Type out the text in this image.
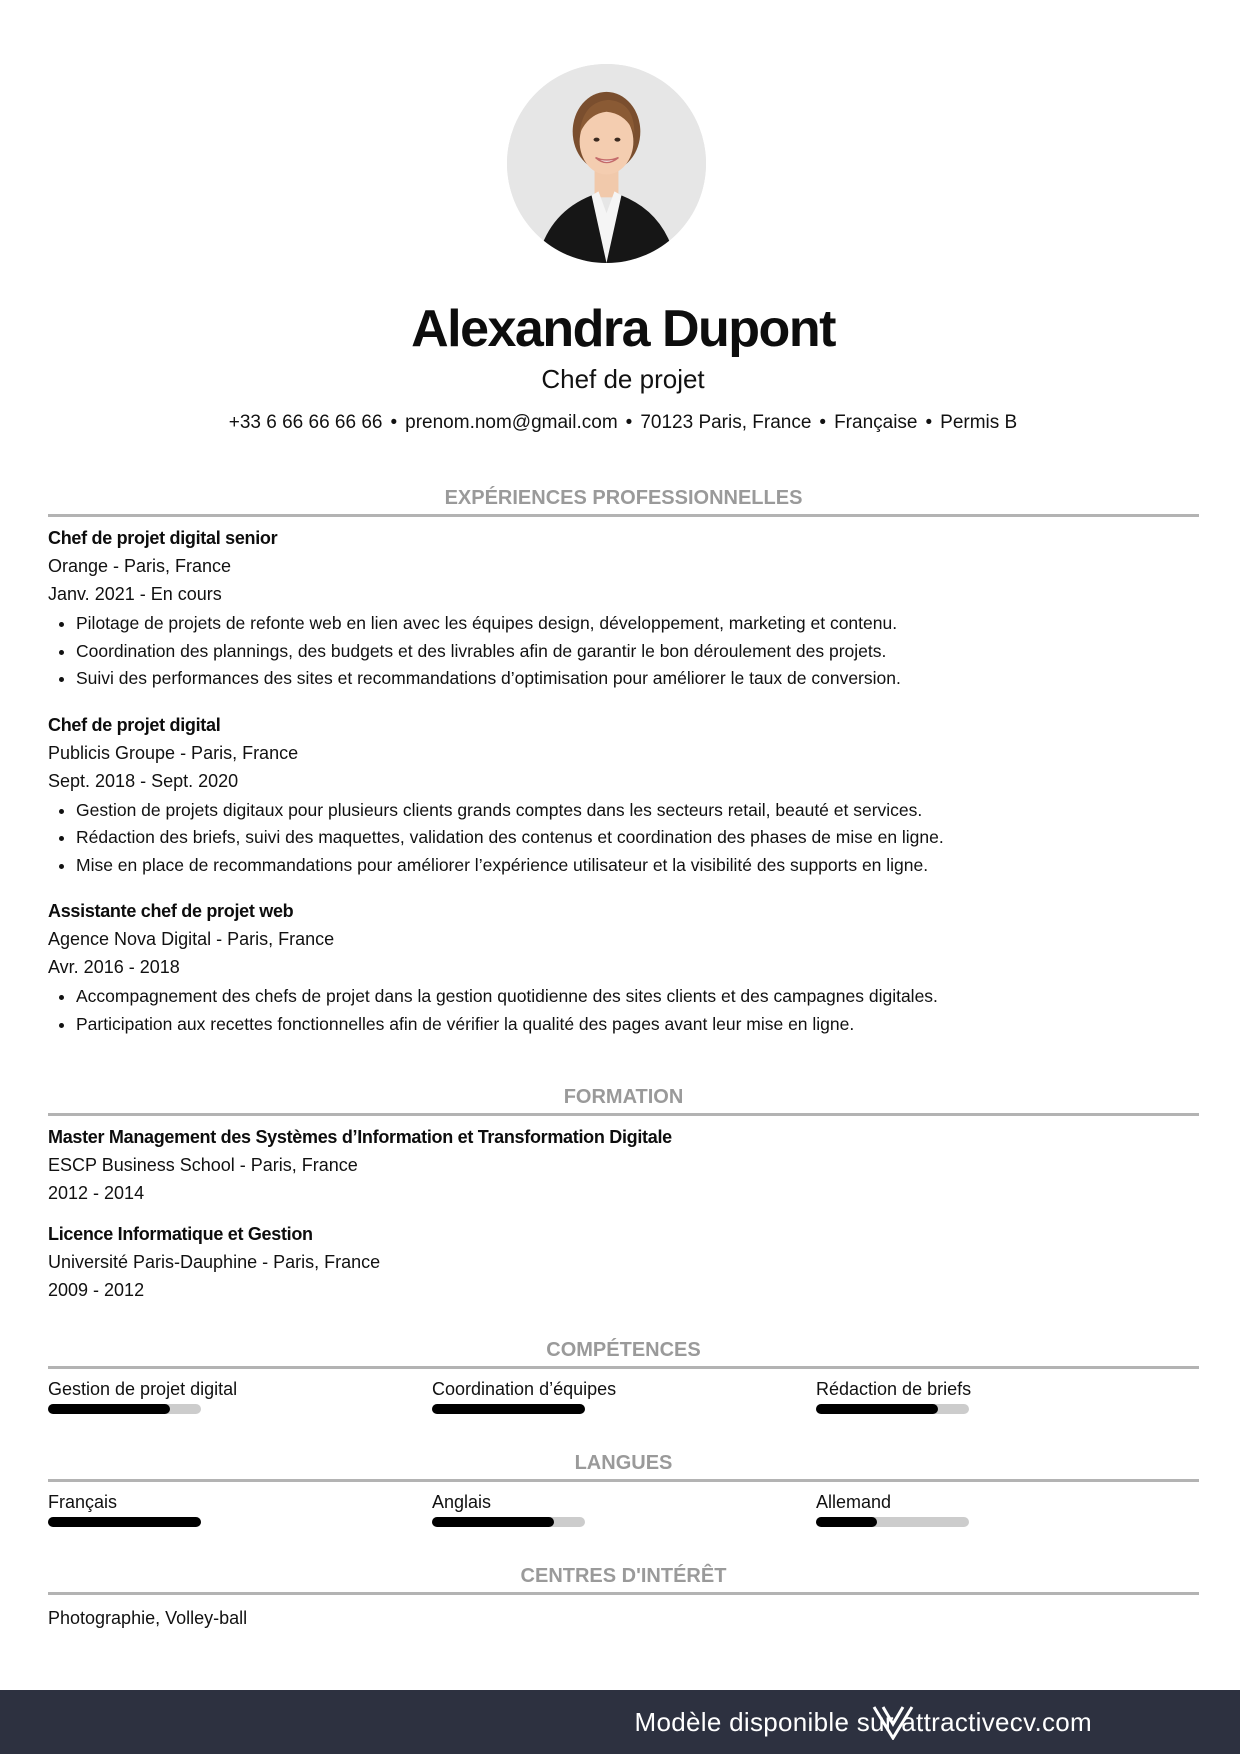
Alexandra Dupont
Chef de projet
+33 6 66 66 66 66 • prenom.nom@gmail.com • 70123 Paris, France • Française • Permis B
EXPÉRIENCES PROFESSIONNELLES
Chef de projet digital senior
Orange - Paris, France
Janv. 2021 - En cours
• Pilotage de projets de refonte web en lien avec les équipes design, développement, marketing et contenu.
• Coordination des plannings, des budgets et des livrables afin de garantir le bon déroulement des projets.
• Suivi des performances des sites et recommandations d’optimisation pour améliorer le taux de conversion.
Chef de projet digital
Publicis Groupe - Paris, France
Sept. 2018 - Sept. 2020
• Gestion de projets digitaux pour plusieurs clients grands comptes dans les secteurs retail, beauté et services.
• Rédaction des briefs, suivi des maquettes, validation des contenus et coordination des phases de mise en ligne.
• Mise en place de recommandations pour améliorer l’expérience utilisateur et la visibilité des supports en ligne.
Assistante chef de projet web
Agence Nova Digital - Paris, France
Avr. 2016 - 2018
• Accompagnement des chefs de projet dans la gestion quotidienne des sites clients et des campagnes digitales.
• Participation aux recettes fonctionnelles afin de vérifier la qualité des pages avant leur mise en ligne.
FORMATION
Master Management des Systèmes d’Information et Transformation Digitale
ESCP Business School - Paris, France
2012 - 2014
Licence Informatique et Gestion
Université Paris-Dauphine - Paris, France
2009 - 2012
COMPÉTENCES
Gestion de projet digital	Coordination d’équipes	Rédaction de briefs
LANGUES
Français	Anglais	Allemand
CENTRES D'INTÉRÊT
Photographie, Volley-ball
Modèle disponible sur attractivecv.com
